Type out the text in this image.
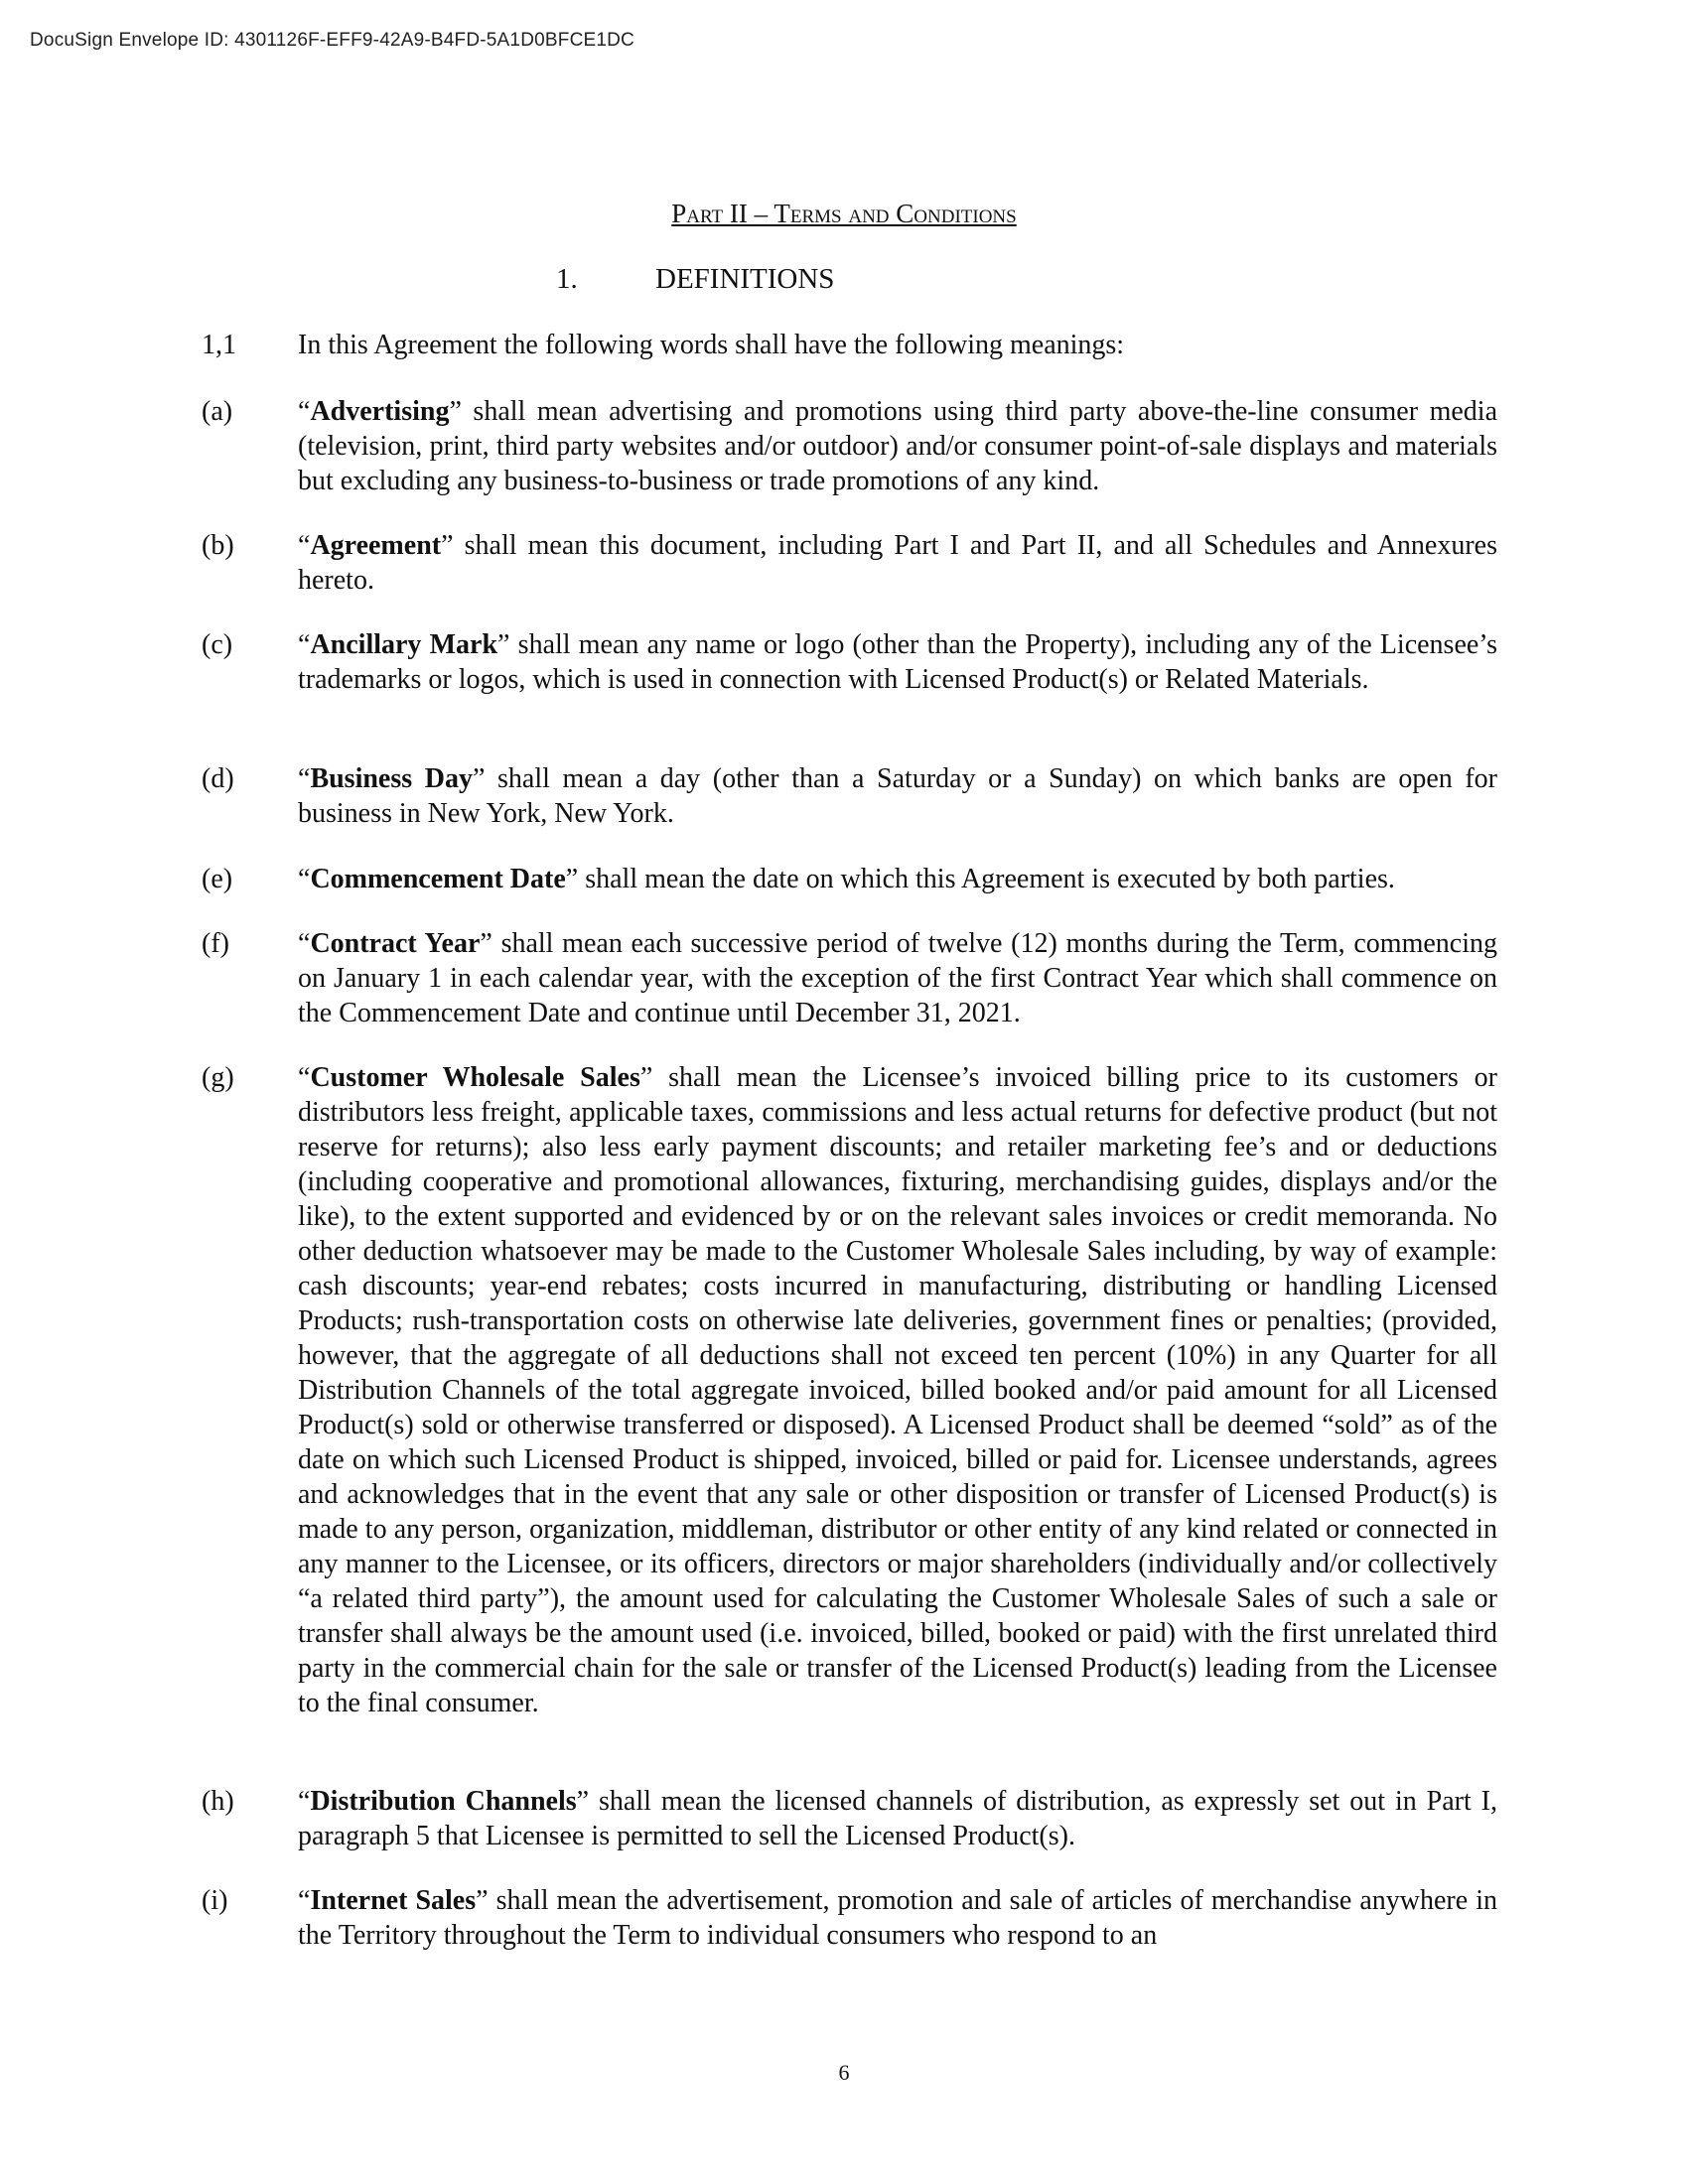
DocuSign Envelope ID: 4301126F-EFF9-42A9-B4FD-5A1D0BFCE1DC
Part II – Terms and Conditions
1.	DEFINITIONS
1,1 In this Agreement the following words shall have the following meanings:
(a) “Advertising” shall mean advertising and promotions using third party above-the-line consumer media (television, print, third party websites and/or outdoor) and/or consumer point-of-sale displays and materials but excluding any business-to-business or trade promotions of any kind.
(b) “Agreement” shall mean this document, including Part I and Part II, and all Schedules and Annexures hereto.
(c) “Ancillary Mark” shall mean any name or logo (other than the Property), including any of the Licensee’s trademarks or logos, which is used in connection with Licensed Product(s) or Related Materials.
(d) “Business Day” shall mean a day (other than a Saturday or a Sunday) on which banks are open for business in New York, New York.
(e) “Commencement Date” shall mean the date on which this Agreement is executed by both parties.
(f) “Contract Year” shall mean each successive period of twelve (12) months during the Term, commencing on January 1 in each calendar year, with the exception of the first Contract Year which shall commence on the Commencement Date and continue until December 31, 2021.
(g) “Customer Wholesale Sales” shall mean the Licensee’s invoiced billing price to its customers or distributors less freight, applicable taxes, commissions and less actual returns for defective product (but not reserve for returns); also less early payment discounts; and retailer marketing fee’s and or deductions (including cooperative and promotional allowances, fixturing, merchandising guides, displays and/or the like), to the extent supported and evidenced by or on the relevant sales invoices or credit memoranda. No other deduction whatsoever may be made to the Customer Wholesale Sales including, by way of example: cash discounts; year-end rebates; costs incurred in manufacturing, distributing or handling Licensed Products; rush-transportation costs on otherwise late deliveries, government fines or penalties; (provided, however, that the aggregate of all deductions shall not exceed ten percent (10%) in any Quarter for all Distribution Channels of the total aggregate invoiced, billed booked and/or paid amount for all Licensed Product(s) sold or otherwise transferred or disposed). A Licensed Product shall be deemed “sold” as of the date on which such Licensed Product is shipped, invoiced, billed or paid for. Licensee understands, agrees and acknowledges that in the event that any sale or other disposition or transfer of Licensed Product(s) is made to any person, organization, middleman, distributor or other entity of any kind related or connected in any manner to the Licensee, or its officers, directors or major shareholders (individually and/or collectively “a related third party”), the amount used for calculating the Customer Wholesale Sales of such a sale or transfer shall always be the amount used (i.e. invoiced, billed, booked or paid) with the first unrelated third party in the commercial chain for the sale or transfer of the Licensed Product(s) leading from the Licensee to the final consumer.
(h) “Distribution Channels” shall mean the licensed channels of distribution, as expressly set out in Part I, paragraph 5 that Licensee is permitted to sell the Licensed Product(s).
(i)	“Internet Sales” shall mean the advertisement, promotion and sale of articles of merchandise anywhere in the Territory throughout the Term to individual consumers who respond to an
6
